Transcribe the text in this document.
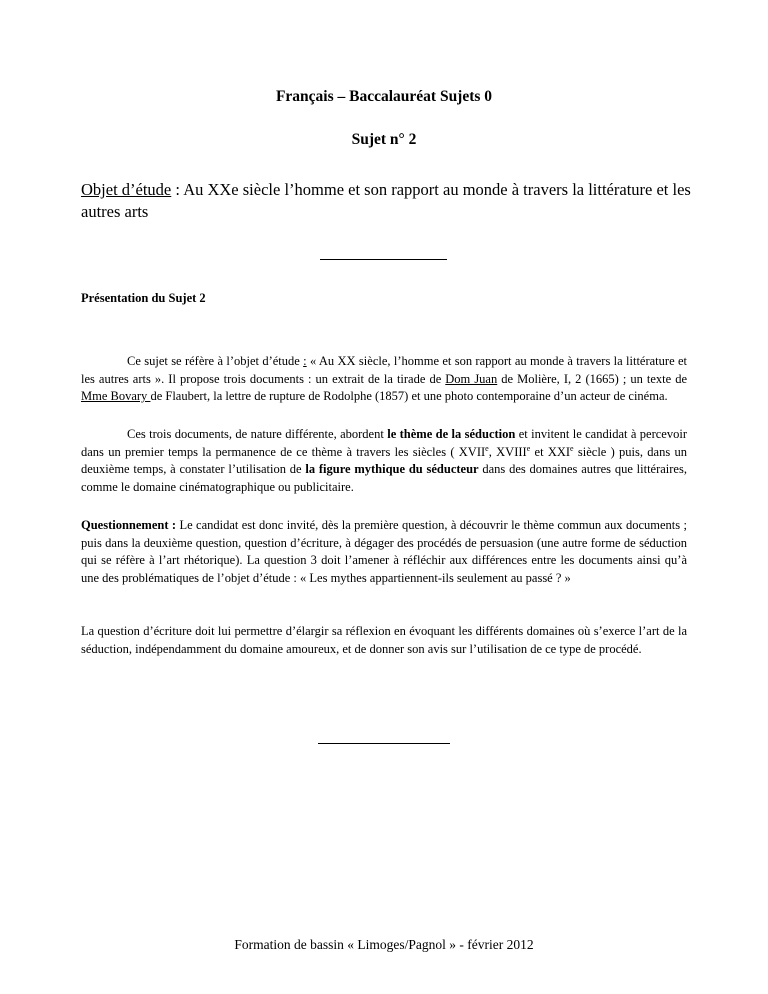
Français – Baccalauréat Sujets 0
Sujet n° 2
Objet d’étude : Au XXe siècle l’homme et son rapport au monde à travers la littérature et les autres arts
Présentation du Sujet 2

Ce sujet se réfère à l’objet d’étude : « Au XX siècle, l’homme et son rapport au monde à travers la littérature et les autres arts ». Il propose trois documents : un extrait de la tirade de Dom Juan de Molière, I, 2 (1665) ; un texte de Mme Bovary de Flaubert, la lettre de rupture de Rodolphe (1857) et une photo contemporaine d’un acteur de cinéma.

Ces trois documents, de nature différente, abordent le thème de la séduction et invitent le candidat à percevoir dans un premier temps la permanence de ce thème à travers les siècles ( XVIIe, XVIIIe et XXIe siècle ) puis, dans un deuxième temps, à constater l’utilisation de la figure mythique du séducteur dans des domaines autres que littéraires, comme le domaine cinématographique ou publicitaire.

Questionnement : Le candidat est donc invité, dès la première question, à découvrir le thème commun aux documents ; puis dans la deuxième question, question d’écriture, à dégager des procédés de persuasion (une autre forme de séduction qui se réfère à l’art rhétorique). La question 3 doit l’amener à réfléchir aux différences entre les documents ainsi qu’à une des problématiques de l’objet d’étude : « Les mythes appartiennent-ils seulement au passé ? »

La question d’écriture doit lui permettre d’élargir sa réflexion en évoquant les différents domaines où s’exerce l’art de la séduction, indépendamment du domaine amoureux, et de donner son avis sur l’utilisation de ce type de procédé.

Formation de bassin « Limoges/Pagnol » - février 2012
